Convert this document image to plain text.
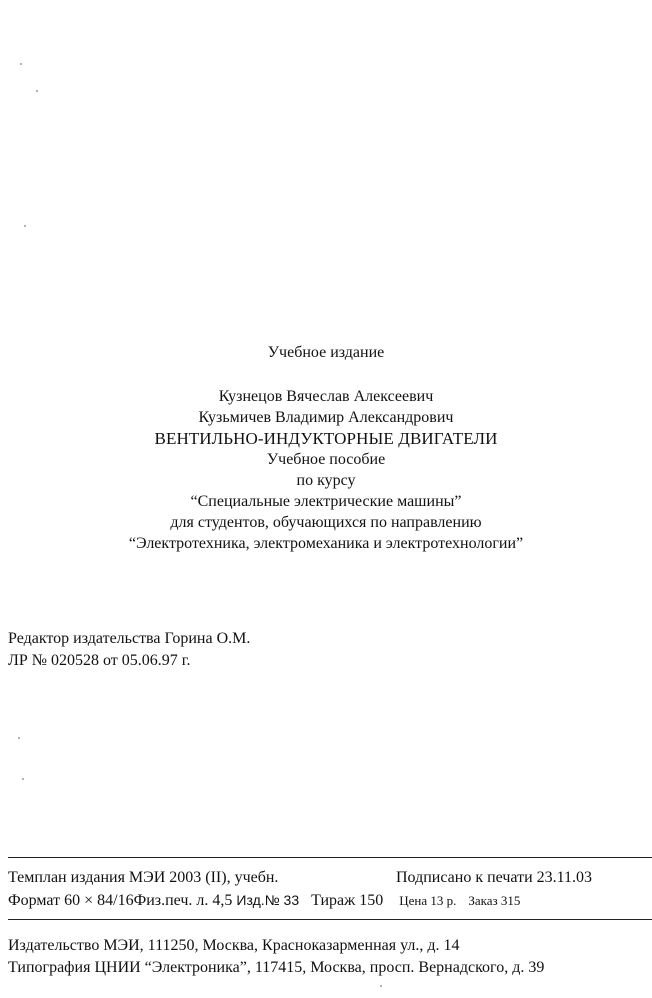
Учебное издание
Кузнецов Вячеслав Алексеевич
Кузьмичев Владимир Александрович
ВЕНТИЛЬНО-ИНДУКТОРНЫЕ ДВИГАТЕЛИ
Учебное пособие
по курсу
“Специальные электрические машины”
для студентов, обучающихся по направлению
“Электротехника, электромеханика и электротехнологии”
Редактор издательства Горина О.М.
ЛР № 020528 от 05.06.97 г.
Темплан издания МЭИ 2003 (II), учебн.	Подписано к печати 23.11.03
Формат 60 × 84/16Физ.печ. л. 4,5 Изд.№ 33 Тираж 150 Цена 13 р. Заказ 315
Издательство МЭИ, 111250, Москва, Красноказарменная ул., д. 14
Типография ЦНИИ “Электроника”, 117415, Москва, просп. Вернадского, д. 39
